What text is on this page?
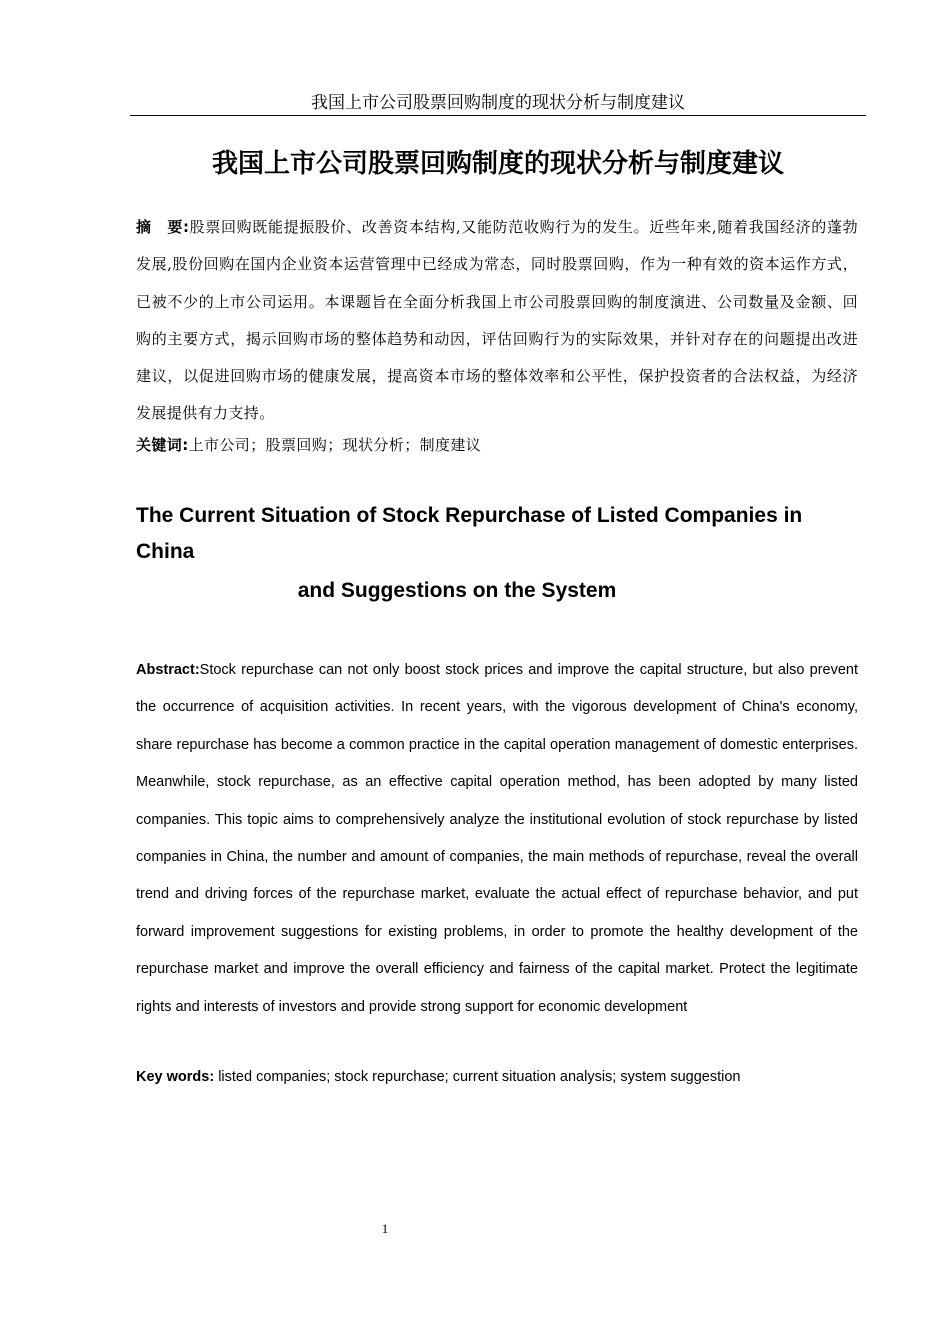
我国上市公司股票回购制度的现状分析与制度建议
我国上市公司股票回购制度的现状分析与制度建议
摘　要:股票回购既能提振股价、改善资本结构,又能防范收购行为的发生。近些年来,随着我国经济的蓬勃发展,股份回购在国内企业资本运营管理中已经成为常态，同时股票回购，作为一种有效的资本运作方式，已被不少的上市公司运用。本课题旨在全面分析我国上市公司股票回购的制度演进、公司数量及金额、回购的主要方式，揭示回购市场的整体趋势和动因，评估回购行为的实际效果，并针对存在的问题提出改进建议，以促进回购市场的健康发展，提高资本市场的整体效率和公平性，保护投资者的合法权益，为经济发展提供有力支持。
关键词:上市公司；股票回购；现状分析；制度建议
The Current Situation of Stock Repurchase of Listed Companies in China
and Suggestions on the System
Abstract:Stock repurchase can not only boost stock prices and improve the capital structure, but also prevent the occurrence of acquisition activities. In recent years, with the vigorous development of China's economy, share repurchase has become a common practice in the capital operation management of domestic enterprises. Meanwhile, stock repurchase, as an effective capital operation method, has been adopted by many listed companies. This topic aims to comprehensively analyze the institutional evolution of stock repurchase by listed companies in China, the number and amount of companies, the main methods of repurchase, reveal the overall trend and driving forces of the repurchase market, evaluate the actual effect of repurchase behavior, and put forward improvement suggestions for existing problems, in order to promote the healthy development of the repurchase market and improve the overall efficiency and fairness of the capital market. Protect the legitimate rights and interests of investors and provide strong support for economic development
Key words: listed companies; stock repurchase; current situation analysis; system suggestion
1
